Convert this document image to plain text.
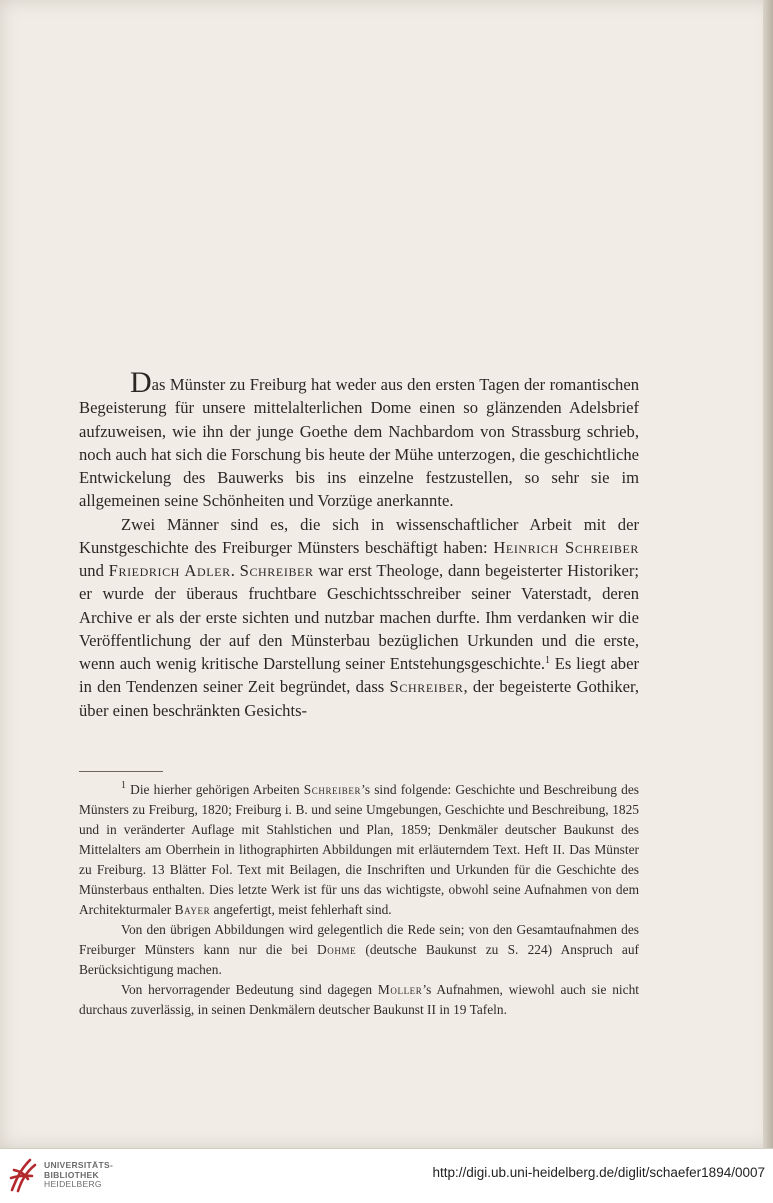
Das Münster zu Freiburg hat weder aus den ersten Tagen der romantischen Begeisterung für unsere mittelalterlichen Dome einen so glänzenden Adelsbrief aufzuweisen, wie ihn der junge Goethe dem Nachbardom von Strassburg schrieb, noch auch hat sich die Forschung bis heute der Mühe unterzogen, die geschichtliche Entwickelung des Bauwerks bis ins einzelne festzustellen, so sehr sie im allgemeinen seine Schönheiten und Vorzüge anerkannte.

Zwei Männer sind es, die sich in wissenschaftlicher Arbeit mit der Kunstgeschichte des Freiburger Münsters beschäftigt haben: Heinrich Schreiber und Friedrich Adler. Schreiber war erst Theologe, dann begeisterter Historiker; er wurde der überaus fruchtbare Geschichtsschreiber seiner Vaterstadt, deren Archive er als der erste sichten und nutzbar machen durfte. Ihm verdanken wir die Veröffentlichung der auf den Münsterbau bezüglichen Urkunden und die erste, wenn auch wenig kritische Darstellung seiner Entstehungsgeschichte.$^1$ Es liegt aber in den Tendenzen seiner Zeit begründet, dass Schreiber, der begeisterte Gothiker, über einen beschränkten Gesichts-

$^1$ Die hierher gehörigen Arbeiten Schreiber’s sind folgende: Geschichte und Beschreibung des Münsters zu Freiburg, 1820; Freiburg i. B. und seine Umgebungen, Geschichte und Beschreibung, 1825 und in veränderter Auflage mit Stahlstichen und Plan, 1859; Denkmäler deutscher Baukunst des Mittelalters am Oberrhein in lithographirten Abbildungen mit erläuterndem Text. Heft II. Das Münster zu Freiburg. 13 Blätter Fol. Text mit Beilagen, die Inschriften und Urkunden für die Geschichte des Münsterbaus enthalten. Dies letzte Werk ist für uns das wichtigste, obwohl seine Aufnahmen von dem Architekturmaler Bayer angefertigt, meist fehlerhaft sind.

Von den übrigen Abbildungen wird gelegentlich die Rede sein; von den Gesamtaufnahmen des Freiburger Münsters kann nur die bei Dohme (deutsche Baukunst zu S. 224) Anspruch auf Berücksichtigung machen.

Von hervorragender Bedeutung sind dagegen Moller’s Aufnahmen, wiewohl auch sie nicht durchaus zuverlässig, in seinen Denkmälern deutscher Baukunst II in 19 Tafeln.

UNIVERSITÄTS-
BIBLIOTHEK
HEIDELBERG
http://digi.ub.uni-heidelberg.de/diglit/schaefer1894/0007
